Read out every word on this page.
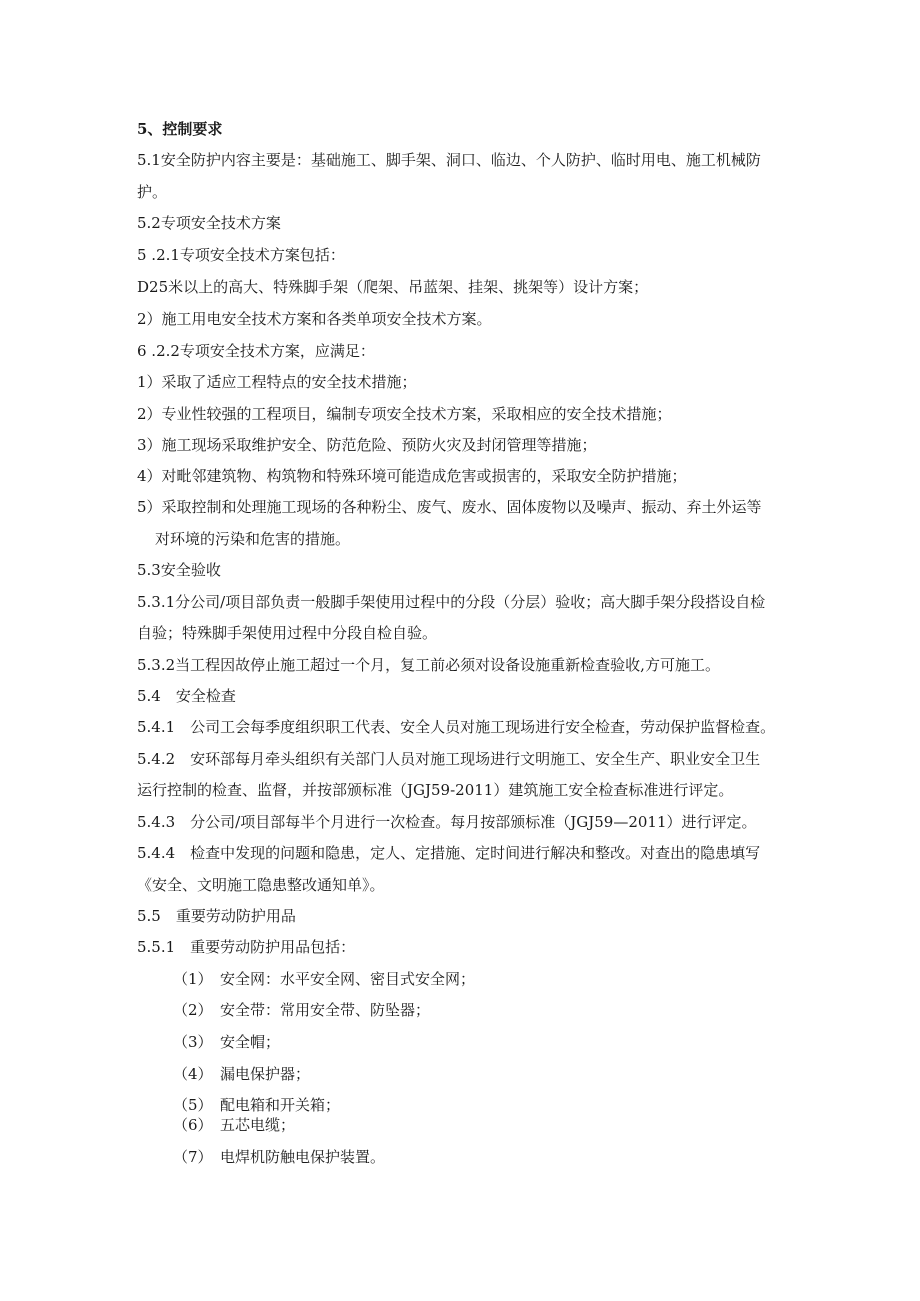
5、控制要求
5.1安全防护内容主要是：基础施工、脚手架、洞口、临边、个人防护、临时用电、施工机械防
护。
5.2专项安全技术方案
5 .2.1专项安全技术方案包括：
D25米以上的高大、特殊脚手架（爬架、吊蓝架、挂架、挑架等）设计方案；
2）施工用电安全技术方案和各类单项安全技术方案。
6 .2.2专项安全技术方案，应满足：
1）采取了适应工程特点的安全技术措施；
2）专业性较强的工程项目，编制专项安全技术方案，采取相应的安全技术措施；
3）施工现场采取维护安全、防范危险、预防火灾及封闭管理等措施；
4）对毗邻建筑物、构筑物和特殊环境可能造成危害或损害的，采取安全防护措施；
5）采取控制和处理施工现场的各种粉尘、废气、废水、固体废物以及噪声、振动、弃土外运等
对环境的污染和危害的措施。
5.3安全验收
5.3.1分公司/项目部负责一般脚手架使用过程中的分段（分层）验收；高大脚手架分段搭设自检
自验；特殊脚手架使用过程中分段自检自验。
5.3.2当工程因故停止施工超过一个月，复工前必须对设备设施重新检查验收,方可施工。
5.4　安全检查
5.4.1　公司工会每季度组织职工代表、安全人员对施工现场进行安全检查，劳动保护监督检查。
5.4.2　安环部每月牵头组织有关部门人员对施工现场进行文明施工、安全生产、职业安全卫生
运行控制的检查、监督，并按部颁标准（JGJ59-2011）建筑施工安全检查标准进行评定。
5.4.3　分公司/项目部每半个月进行一次检查。每月按部颁标准（JGJ59—2011）进行评定。
5.4.4　检查中发现的问题和隐患，定人、定措施、定时间进行解决和整改。对查出的隐患填写
《安全、文明施工隐患整改通知单》。
5.5　重要劳动防护用品
5.5.1　重要劳动防护用品包括：
（1）　安全网：水平安全网、密目式安全网；
（2）　安全带：常用安全带、防坠器；
（3）　安全帽；
（4）　漏电保护器；
（5）　配电箱和开关箱；
（6）　五芯电缆；
（7）　电焊机防触电保护装置。
